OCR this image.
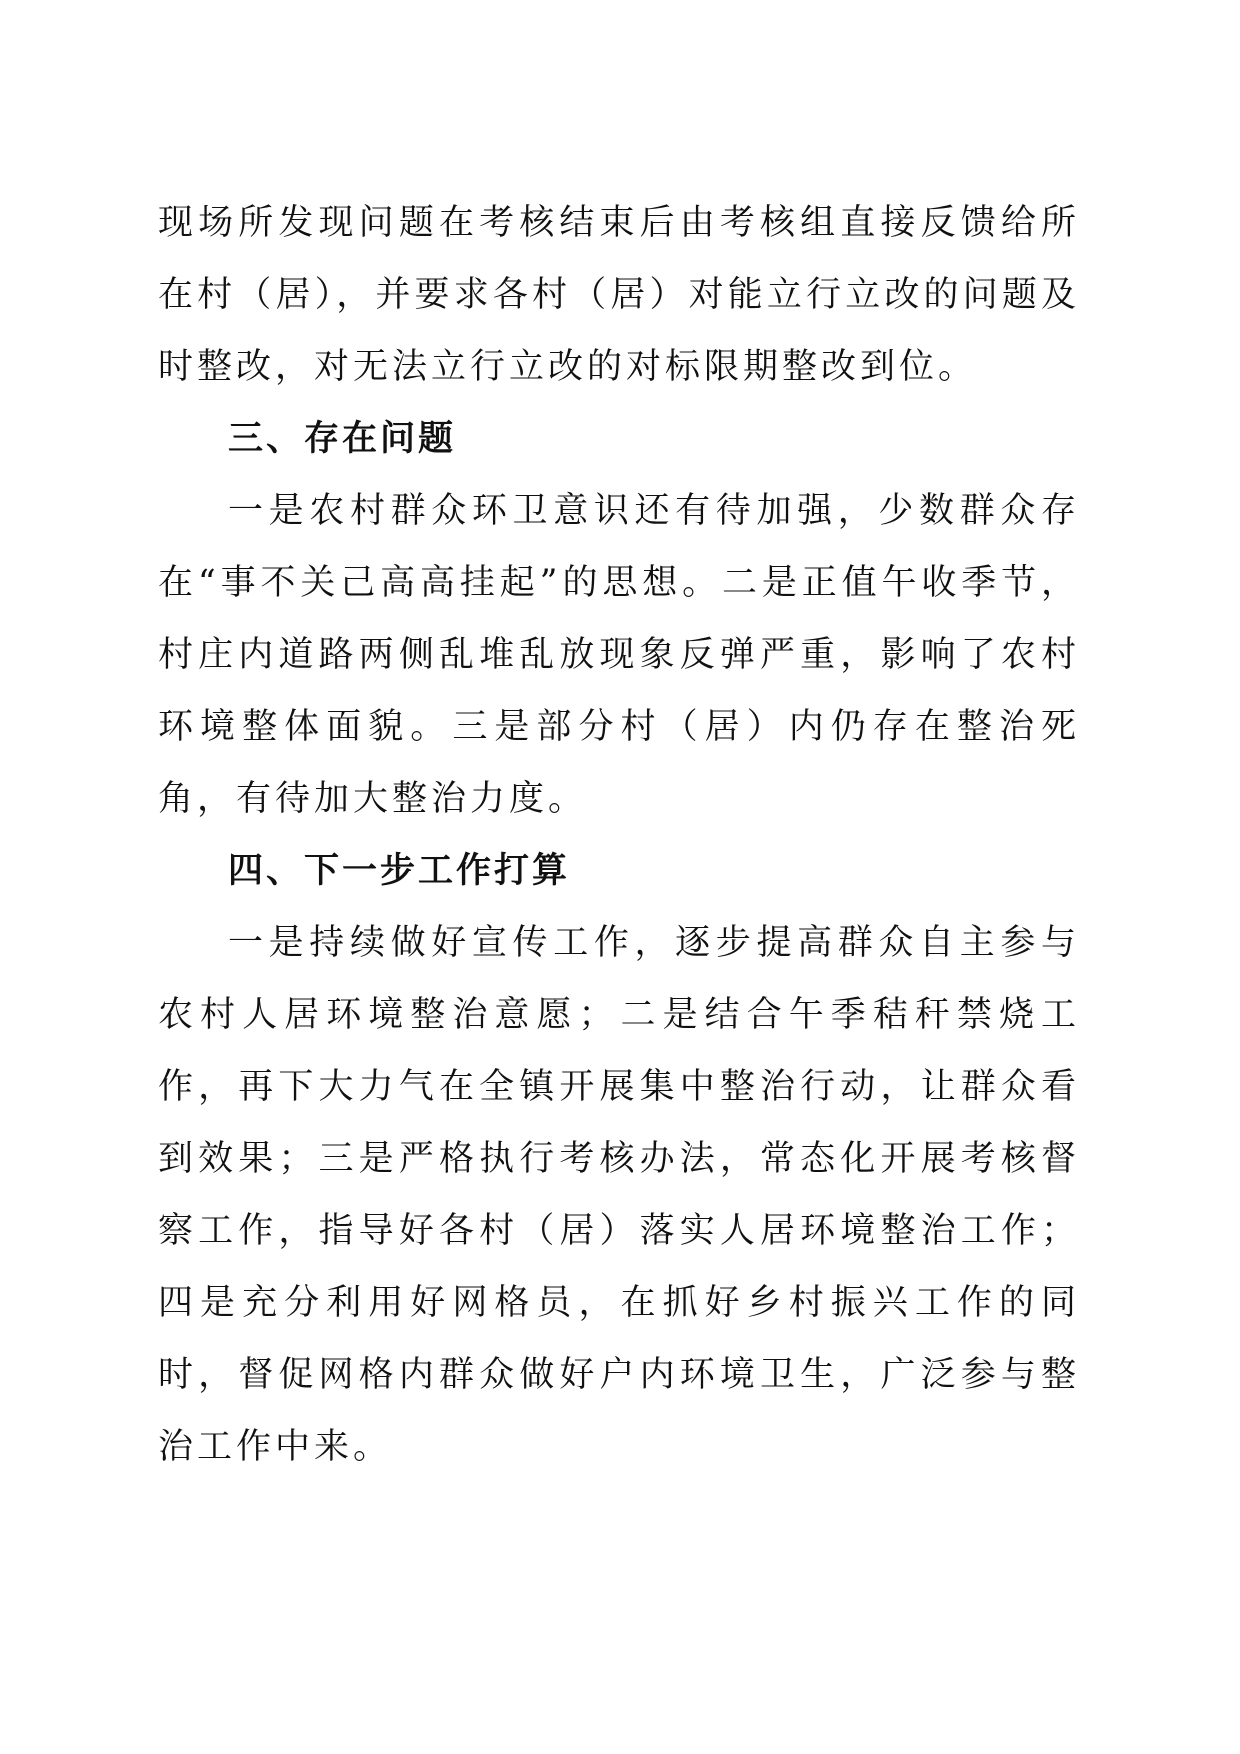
现场所发现问题在考核结束后由考核组直接反馈给所在村（居），并要求各村（居）对能立行立改的问题及时整改，对无法立行立改的对标限期整改到位。

三、存在问题

一是农村群众环卫意识还有待加强，少数群众存在“事不关己高高挂起”的思想。二是正值午收季节，村庄内道路两侧乱堆乱放现象反弹严重，影响了农村环境整体面貌。三是部分村（居）内仍存在整治死角，有待加大整治力度。

四、下一步工作打算

一是持续做好宣传工作，逐步提高群众自主参与农村人居环境整治意愿；二是结合午季秸秆禁烧工作，再下大力气在全镇开展集中整治行动，让群众看到效果；三是严格执行考核办法，常态化开展考核督察工作，指导好各村（居）落实人居环境整治工作；四是充分利用好网格员，在抓好乡村振兴工作的同时，督促网格内群众做好户内环境卫生，广泛参与整治工作中来。
